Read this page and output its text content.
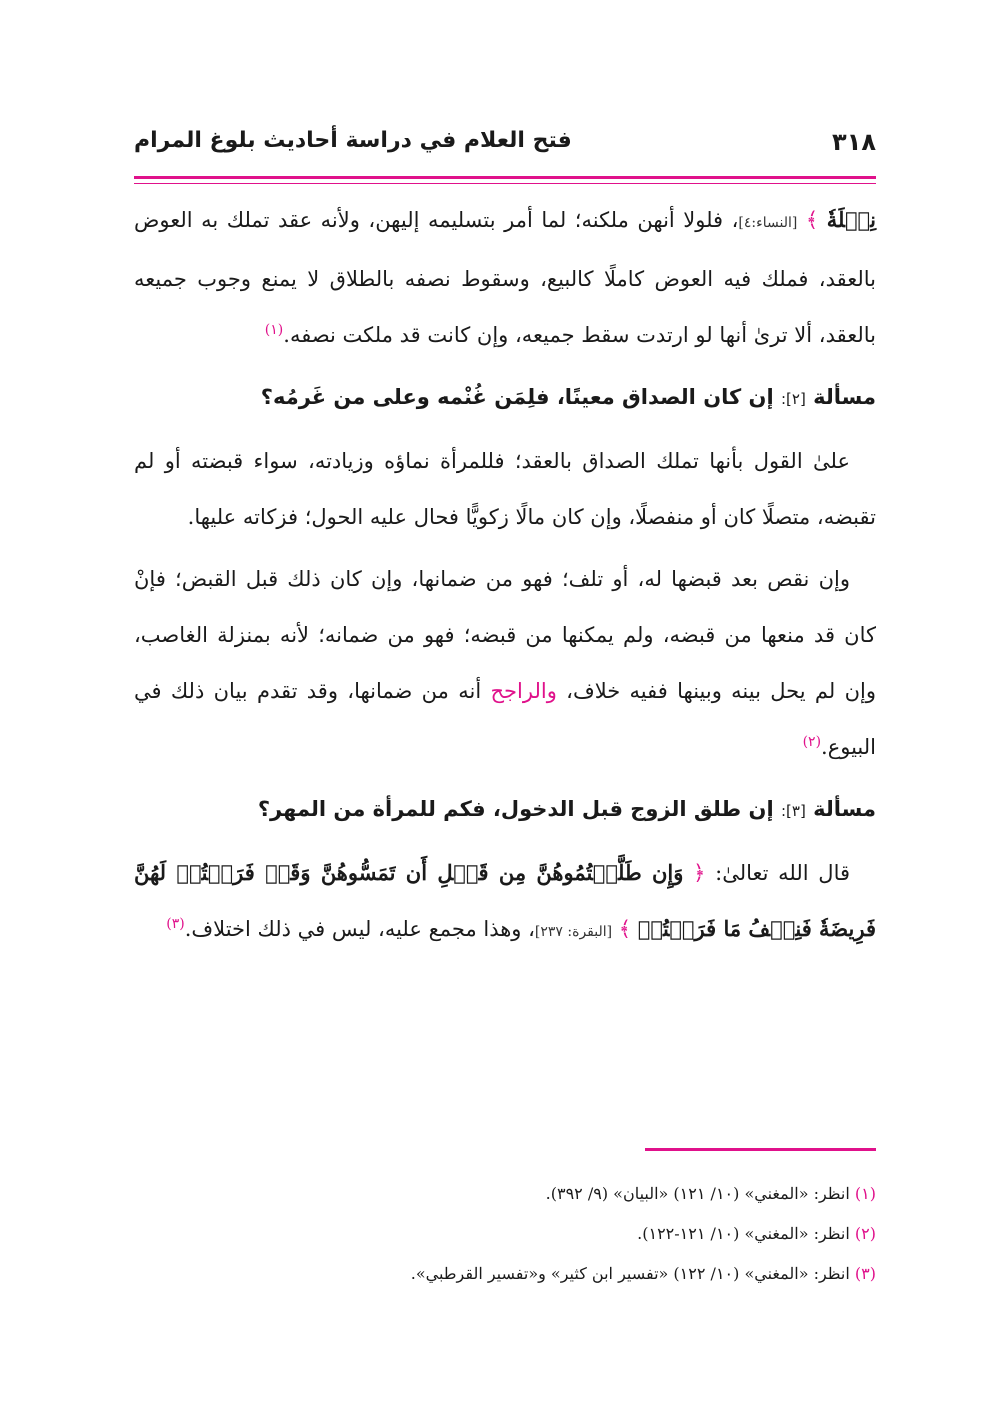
٣١٨
فتح العلام في دراسة أحاديث بلوغ المرام

نِحۡلَةٗ ﴾ [النساء:٤]، فلولا أنهن ملكنه؛ لما أمر بتسليمه إليهن، ولأنه عقد تملك به العوض بالعقد، فملك فيه العوض كاملًا كالبيع، وسقوط نصفه بالطلاق لا يمنع وجوب جميعه بالعقد، ألا ترىٰ أنها لو ارتدت سقط جميعه، وإن كانت قد ملكت نصفه.$^{(١)}$

مسألة [٢]: إن كان الصداق معينًا، فلِمَن غُنْمه وعلى من غَرمُه؟

علىٰ القول بأنها تملك الصداق بالعقد؛ فللمرأة نماؤه وزيادته، سواء قبضته أو لم تقبضه، متصلًا كان أو منفصلًا، وإن كان مالًا زكويًّا فحال عليه الحول؛ فزكاته عليها.

وإن نقص بعد قبضها له، أو تلف؛ فهو من ضمانها، وإن كان ذلك قبل القبض؛ فإنْ كان قد منعها من قبضه، ولم يمكنها من قبضه؛ فهو من ضمانه؛ لأنه بمنزلة الغاصب، وإن لم يحل بينه وبينها ففيه خلاف، والراجح أنه من ضمانها، وقد تقدم بيان ذلك في البيوع.$^{(٢)}$

مسألة [٣]: إن طلق الزوج قبل الدخول، فكم للمرأة من المهر؟

قال الله تعالىٰ: ﴿ وَإِن طَلَّقۡتُمُوهُنَّ مِن قَبۡلِ أَن تَمَسُّوهُنَّ وَقَدۡ فَرَضۡتُمۡ لَهُنَّ فَرِيضَةٗ فَنِصۡفُ مَا فَرَضۡتُمۡ ﴾ [البقرة: ٢٣٧]، وهذا مجمع عليه، ليس في ذلك اختلاف.$^{(٣)}$

(١) انظر: «المغني» (١٠/ ١٢١) «البيان» (٩/ ٣٩٢).
(٢) انظر: «المغني» (١٠/ ١٢١-١٢٢).
(٣) انظر: «المغني» (١٠/ ١٢٢) «تفسير ابن كثير» و«تفسير القرطبي».
